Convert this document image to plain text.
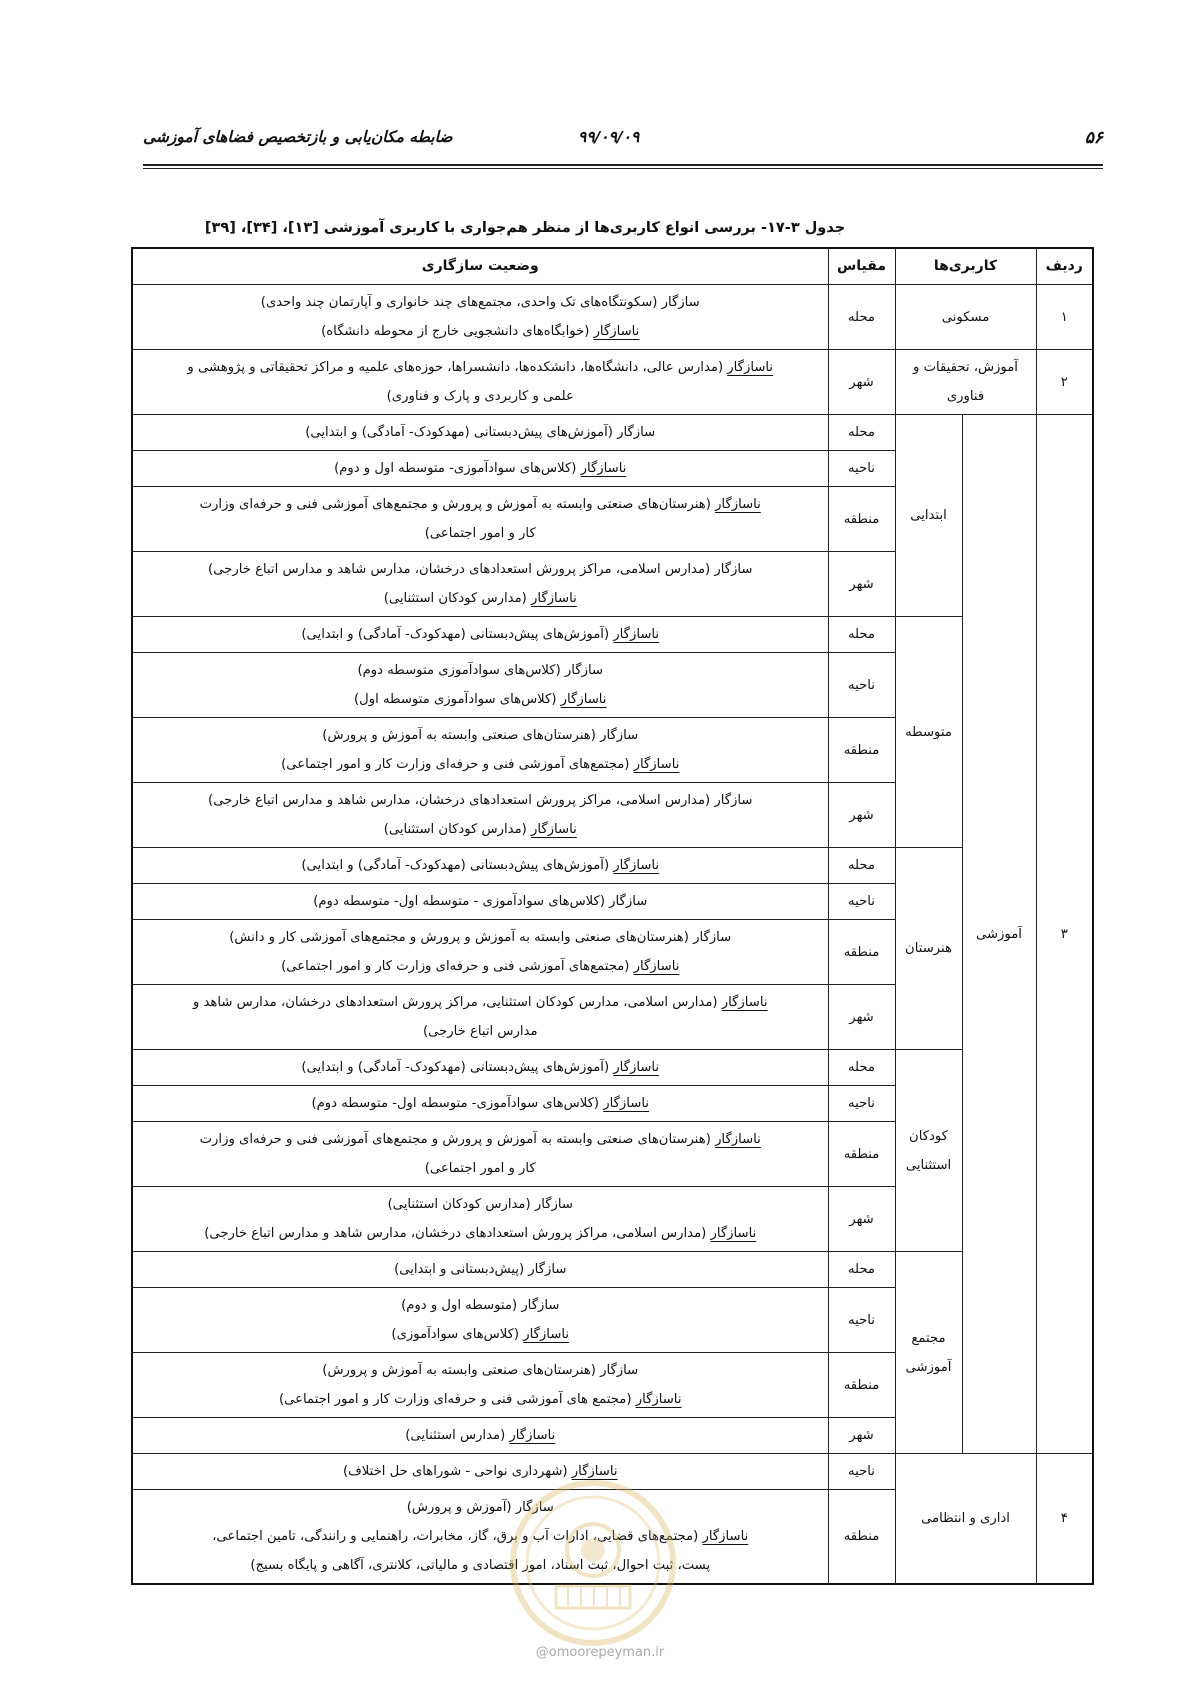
ضابطه مکان‌یابی و بازتخصیص فضاهای آموزشی	۹۹/۰۹/۰۹	۵۶
جدول ۳-۱۷- بررسی انواع کاربری‌ها از منظر هم‌جواری با کاربری آموزشی [۱۳]، [۳۴]، [۳۹]
ردیف	کاربری‌ها		مقیاس	وضعیت سازگاری
۱	مسکونی		محله	سازگار (سکونتگاه‌های تک واحدی، مجتمع‌های چند خانواری و آپارتمان چند واحدی)
ناسازگار (خوابگاه‌های دانشجویی خارج از محوطه دانشگاه)

۲	آموزش، تحقیقات و فناوری		شهر	ناسازگار (مدارس عالی، دانشگاه‌ها، دانشکده‌ها، دانشسراها، حوزه‌های علمیه و مراکز تحقیقاتی و پژوهشی و
علمی و کاربردی و پارک و فناوری)

۳	آموزشی	ابتدایی	محله	سازگار (آموزش‌های پیش‌دبستانی (مهدکودک- آمادگی) و ابتدایی)
			ناحیه	ناسازگار (کلاس‌های سوادآموزی- متوسطه اول و دوم)
			منطقه	ناسازگار (هنرستان‌های صنعتی وابسته به آموزش و پرورش و مجتمع‌های آموزشی فنی و حرفه‌ای وزارت
کار و امور اجتماعی)

			شهر	سازگار (مدارس اسلامی، مراکز پرورش استعدادهای درخشان، مدارس شاهد و مدارس اتباع خارجی)
ناسازگار (مدارس کودکان استثنایی)

		متوسطه	محله	ناسازگار (آموزش‌های پیش‌دبستانی (مهدکودک- آمادگی) و ابتدایی)
			ناحیه	سازگار (کلاس‌های سوادآموزی متوسطه دوم)
ناسازگار (کلاس‌های سوادآموزی متوسطه اول)

			منطقه	سازگار (هنرستان‌های صنعتی وابسته به آموزش و پرورش)
ناسازگار (مجتمع‌های آموزشی فنی و حرفه‌ای وزارت کار و امور اجتماعی)

			شهر	سازگار (مدارس اسلامی، مراکز پرورش استعدادهای درخشان، مدارس شاهد و مدارس اتباع خارجی)
ناسازگار (مدارس کودکان استثنایی)

		هنرستان	محله	ناسازگار (آموزش‌های پیش‌دبستانی (مهدکودک- آمادگی) و ابتدایی)
			ناحیه	سازگار (کلاس‌های سوادآموزی - متوسطه اول- متوسطه دوم)
			منطقه	سازگار (هنرستان‌های صنعتی وابسته به آموزش و پرورش و مجتمع‌های آموزشی کار و دانش)
ناسازگار (مجتمع‌های آموزشی فنی و حرفه‌ای وزارت کار و امور اجتماعی)

			شهر	ناسازگار (مدارس اسلامی، مدارس کودکان استثنایی، مراکز پرورش استعدادهای درخشان، مدارس شاهد و
مدارس اتباع خارجی)

		کودکان استثنایی	محله	ناسازگار (آموزش‌های پیش‌دبستانی (مهدکودک- آمادگی) و ابتدایی)
			ناحیه	ناسازگار (کلاس‌های سوادآموزی- متوسطه اول- متوسطه دوم)
			منطقه	ناسازگار (هنرستان‌های صنعتی وابسته به آموزش و پرورش و مجتمع‌های آموزشی فنی و حرفه‌ای وزارت
کار و امور اجتماعی)

			شهر	سازگار (مدارس کودکان استثنایی)
ناسازگار (مدارس اسلامی، مراکز پرورش استعدادهای درخشان، مدارس شاهد و مدارس اتباع خارجی)

		مجتمع آموزشی	محله	سازگار (پیش‌دبستانی و ابتدایی)
			ناحیه	سازگار (متوسطه اول و دوم)
ناسازگار (کلاس‌های سوادآموزی)

			منطقه	سازگار (هنرستان‌های صنعتی وابسته به آموزش و پرورش)
ناسازگار (مجتمع های آموزشی فنی و حرفه‌ای وزارت کار و امور اجتماعی)

			شهر	ناسازگار (مدارس استثنایی)
۴	اداری و انتظامی		ناحیه	ناسازگار (شهرداری نواحی - شوراهای حل اختلاف)
			منطقه	سازگار (آموزش و پرورش)
ناسازگار (مجتمع‌های قضایی، ادارات آب و برق، گاز، مخابرات، راهنمایی و رانندگی، تامین اجتماعی،
پست، ثبت احوال، ثبت اسناد، امور اقتصادی و مالیاتی، کلانتری، آگاهی و پایگاه بسیج)
@omoorepeyman.ir
